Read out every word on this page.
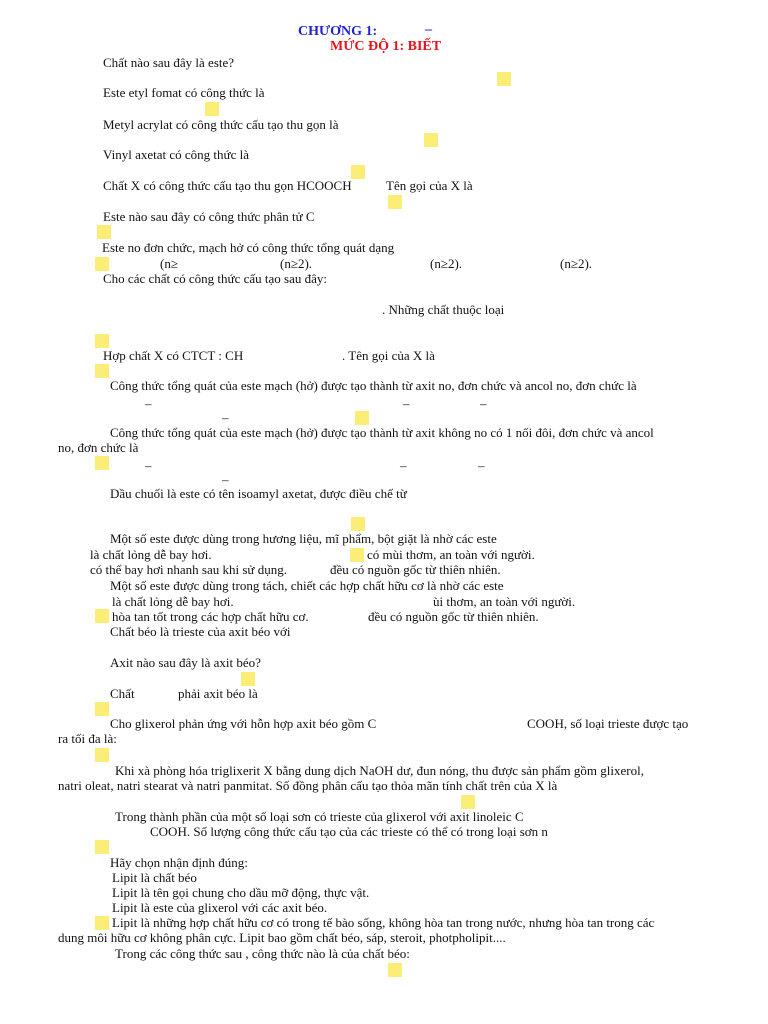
CHƯƠNG 1:	–
MỨC ĐỘ 1: BIẾT
Chất nào sau đây là este?
Este etyl fomat có công thức là
Metyl acrylat có công thức cấu tạo thu gọn là
Vinyl axetat có công thức là
Chất X có công thức cấu tạo thu gọn HCOOCH	Tên gọi của X là
Este nào sau đây có công thức phân tử C
Este no đơn chức, mạch hở có công thức tổng quát dạng
(n≥	(n≥2).	(n≥2).	(n≥2).
Cho các chất có công thức cấu tạo sau đây:
. Những chất thuộc loại
Hợp chất X có CTCT : CH	. Tên gọi của X là
Công thức tổng quát của este mạch (hở) được tạo thành từ axit no, đơn chức và ancol no, đơn chức là
–
–
–	–
Công thức tổng quát của este mạch (hở) được tạo thành từ axit không no có 1 nối đôi, đơn chức và ancol
no, đơn chức là
–
–
–	–
Dầu chuối là este có tên isoamyl axetat, được điều chế từ
Một số este được dùng trong hương liệu, mĩ phẩm, bột giặt là nhờ các este
là chất lỏng dễ bay hơi.	có mùi thơm, an toàn với người.
có thể bay hơi nhanh sau khi sử dụng.	đều có nguồn gốc từ thiên nhiên.
Một số este được dùng trong tách, chiết các hợp chất hữu cơ là nhờ các este
là chất lỏng dễ bay hơi.	ùi thơm, an toàn với người.
hòa tan tốt trong các hợp chất hữu cơ.	đều có nguồn gốc từ thiên nhiên.
Chất béo là trieste của axit béo với
Axit nào sau đây là axit béo?
Chất	phải axit béo là
Cho glixerol phản ứng với hỗn hợp axit béo gồm C	COOH, số loại trieste được tạo
ra tối đa là:
Khi xà phòng hóa triglixerit X bằng dung dịch NaOH dư, đun nóng, thu được sản phẩm gồm glixerol,
natri oleat, natri stearat và natri panmitat. Số đồng phân cấu tạo thỏa mãn tính chất trên của X là
Trong thành phần của một số loại sơn có trieste của glixerol với axit linoleic C
COOH. Số lượng công thức cấu tạo của các trieste có thể có trong loại sơn n
Hãy chọn nhận định đúng:
Lipit là chất béo
Lipit là tên gọi chung cho dầu mỡ động, thực vật.
Lipit là este của glixerol với các axit béo.
Lipit là những hợp chất hữu cơ có trong tế bào sống, không hòa tan trong nước, nhưng hòa tan trong các
dung môi hữu cơ không phân cực. Lipit bao gồm chất béo, sáp, steroit, photpholipit....
Trong các công thức sau , công thức nào là của chất béo:
